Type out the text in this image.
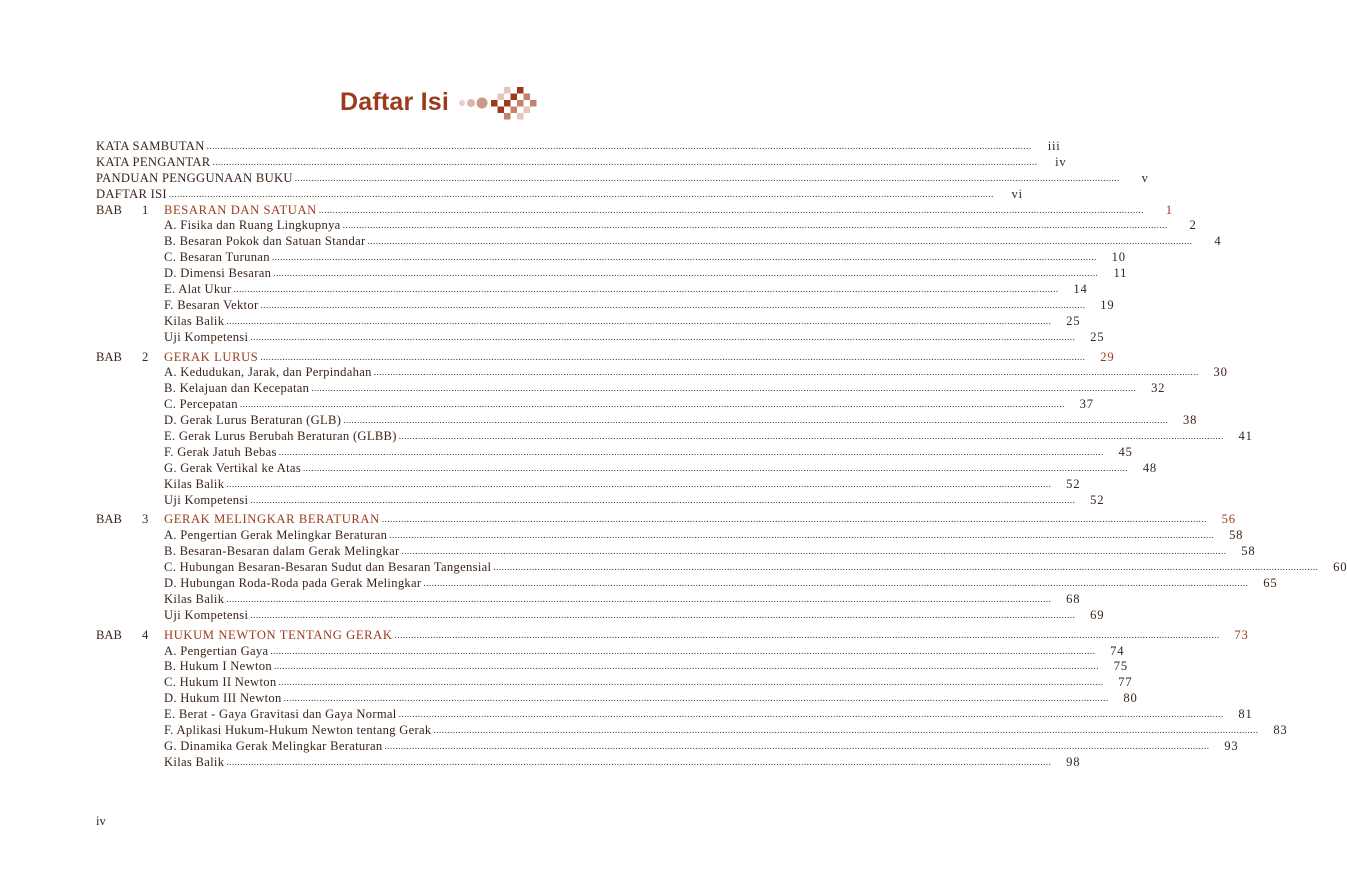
Daftar Isi
KATA SAMBUTAN ............................................................................................................................................................................................................................................................................................................	iii
KATA PENGANTAR ............................................................................................................................................................................................................................................................................................................	iv
PANDUAN PENGGUNAAN BUKU ............................................................................................................................................................................................................................................................................................................	v
DAFTAR ISI ............................................................................................................................................................................................................................................................................................................	vi
BAB	1	BESARAN DAN SATUAN ............................................................................................................................................................................................................................................................................................................	1
A. Fisika dan Ruang Lingkupnya ............................................................................................................................................................................................................................................................................................................	2
B. Besaran Pokok dan Satuan Standar ............................................................................................................................................................................................................................................................................................................	4
C. Besaran Turunan ............................................................................................................................................................................................................................................................................................................	10
D. Dimensi Besaran ............................................................................................................................................................................................................................................................................................................	11
E. Alat Ukur ............................................................................................................................................................................................................................................................................................................	14
F. Besaran Vektor ............................................................................................................................................................................................................................................................................................................	19
Kilas Balik ............................................................................................................................................................................................................................................................................................................	25
Uji Kompetensi ............................................................................................................................................................................................................................................................................................................	25
BAB	2	GERAK LURUS ............................................................................................................................................................................................................................................................................................................	29
A. Kedudukan, Jarak, dan Perpindahan ............................................................................................................................................................................................................................................................................................................	30
B. Kelajuan dan Kecepatan ............................................................................................................................................................................................................................................................................................................	32
C. Percepatan ............................................................................................................................................................................................................................................................................................................	37
D. Gerak Lurus Beraturan (GLB) ............................................................................................................................................................................................................................................................................................................	38
E. Gerak Lurus Berubah Beraturan (GLBB) ............................................................................................................................................................................................................................................................................................................	41
F. Gerak Jatuh Bebas ............................................................................................................................................................................................................................................................................................................	45
G. Gerak Vertikal ke Atas ............................................................................................................................................................................................................................................................................................................	48
Kilas Balik ............................................................................................................................................................................................................................................................................................................	52
Uji Kompetensi ............................................................................................................................................................................................................................................................................................................	52
BAB	3	GERAK MELINGKAR BERATURAN ............................................................................................................................................................................................................................................................................................................	56
A. Pengertian Gerak Melingkar Beraturan ............................................................................................................................................................................................................................................................................................................	58
B. Besaran-Besaran dalam Gerak Melingkar ............................................................................................................................................................................................................................................................................................................	58
C. Hubungan Besaran-Besaran Sudut dan Besaran Tangensial ............................................................................................................................................................................................................................................................................................................	60
D. Hubungan Roda-Roda pada Gerak Melingkar ............................................................................................................................................................................................................................................................................................................	65
Kilas Balik ............................................................................................................................................................................................................................................................................................................	68
Uji Kompetensi ............................................................................................................................................................................................................................................................................................................	69
BAB	4	HUKUM NEWTON TENTANG GERAK ............................................................................................................................................................................................................................................................................................................	73
A. Pengertian Gaya ............................................................................................................................................................................................................................................................................................................	74
B. Hukum I Newton ............................................................................................................................................................................................................................................................................................................	75
C. Hukum II Newton ............................................................................................................................................................................................................................................................................................................	77
D. Hukum III Newton ............................................................................................................................................................................................................................................................................................................	80
E. Berat - Gaya Gravitasi dan Gaya Normal ............................................................................................................................................................................................................................................................................................................	81
F. Aplikasi Hukum-Hukum Newton tentang Gerak ............................................................................................................................................................................................................................................................................................................	83
G. Dinamika Gerak Melingkar Beraturan ............................................................................................................................................................................................................................................................................................................	93
Kilas Balik ............................................................................................................................................................................................................................................................................................................	98
iv
